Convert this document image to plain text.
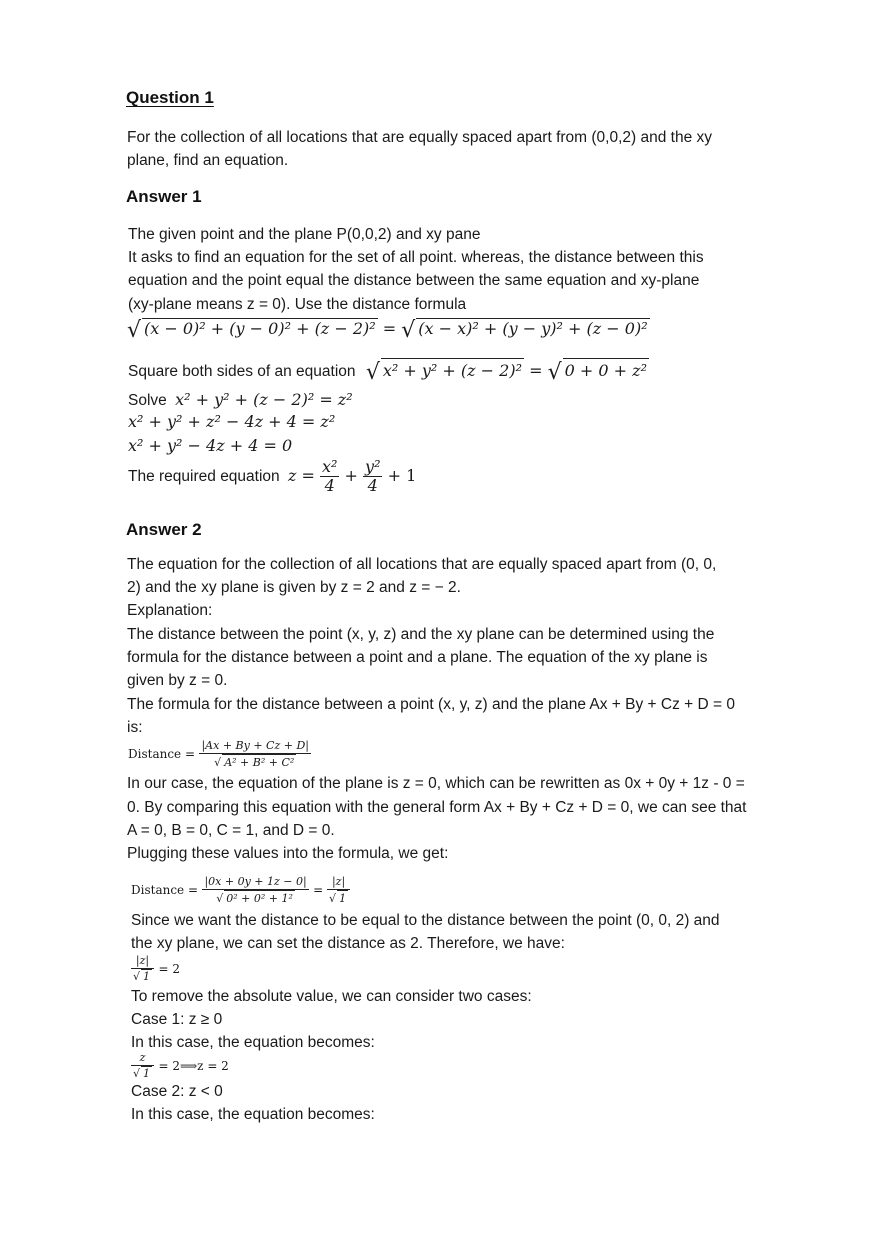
Question 1

For the collection of all locations that are equally spaced apart from (0,0,2) and the xy

plane, find an equation.

Answer 1

The given point and the plane P(0,0,2) and xy pane

It asks to find an equation for the set of all point. whereas, the distance between this

equation and the point equal the distance between the same equation and xy-plane

(xy-plane means z = 0). Use the distance formula

√ (x − 0)² + (y − 0)² + (z − 2)² = √ (x − x)² + (y − y)² + (z − 0)²
Square both sides of an equation √ x² + y² + (z − 2)² = √ 0 + 0 + z²
Solve x² + y² + (z − 2)² = z²
x² + y² + z² − 4z + 4 = z²
x² + y² − 4z + 4 = 0
The required equation $z = \frac{\text{x²}}{4} + \frac{\text{y²}}{4} + 1$
Answer 2

The equation for the collection of all locations that are equally spaced apart from (0, 0,

2) and the xy plane is given by z = 2 and z = − 2.

Explanation:

The distance between the point (x, y, z) and the xy plane can be determined using the

formula for the distance between a point and a plane. The equation of the xy plane is

given by z = 0.

The formula for the distance between a point (x, y, z) and the plane Ax + By + Cz + D = 0

is:

Distance = $\frac{|Ax + By + Cz + D|}{\text{√ A² + B² + C²}}$

In our case, the equation of the plane is z = 0, which can be rewritten as 0x + 0y + 1z - 0 =

0. By comparing this equation with the general form Ax + By + Cz + D = 0, we can see that

A = 0, B = 0, C = 1, and D = 0.

Plugging these values into the formula, we get:

Distance = $\frac{|0x + 0y + 1z - 0|}{\text{√ 0² + 0² + 1²}} = \frac{|z|}{√ 1}$

Since we want the distance to be equal to the distance between the point (0, 0, 2) and

the xy plane, we can set the distance as 2. Therefore, we have:

$\frac{|z|}{√ 1} = 2$

To remove the absolute value, we can consider two cases:

Case 1: z ≥ 0

In this case, the equation becomes:

$\frac{z}{√ 1}$ = 2⟹z = 2

Case 2: z < 0

In this case, the equation becomes:
